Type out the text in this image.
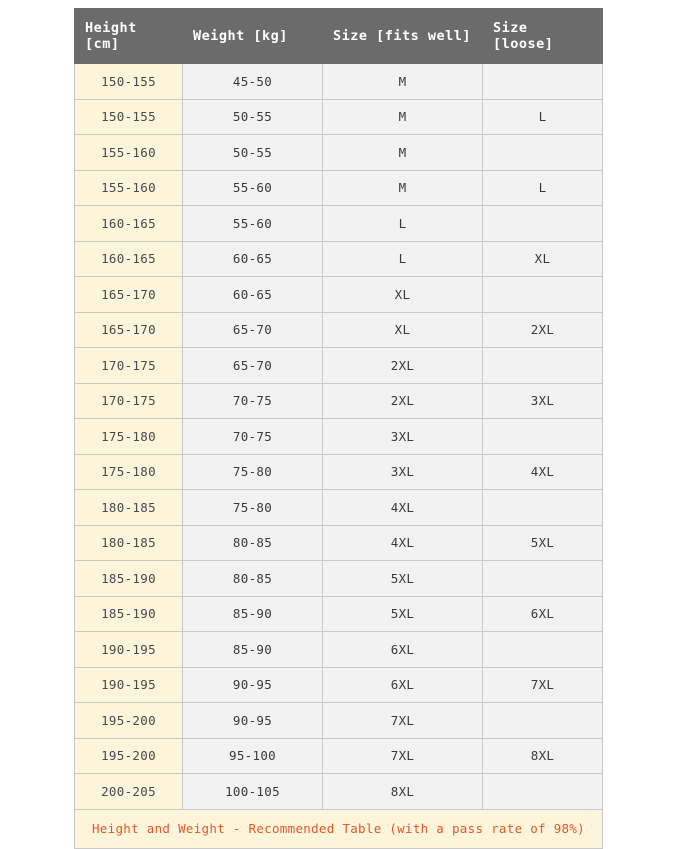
Height [cm]	Weight [kg]	Size [fits well]	Size [loose]
150-155	45-50	M	
150-155	50-55	M	L
155-160	50-55	M	
155-160	55-60	M	L
160-165	55-60	L	
160-165	60-65	L	XL
165-170	60-65	XL	
165-170	65-70	XL	2XL
170-175	65-70	2XL	
170-175	70-75	2XL	3XL
175-180	70-75	3XL	
175-180	75-80	3XL	4XL
180-185	75-80	4XL	
180-185	80-85	4XL	5XL
185-190	80-85	5XL	
185-190	85-90	5XL	6XL
190-195	85-90	6XL	
190-195	90-95	6XL	7XL
195-200	90-95	7XL	
195-200	95-100	7XL	8XL
200-205	100-105	8XL	
Height and Weight - Recommended Table (with a pass rate of 98%)			
